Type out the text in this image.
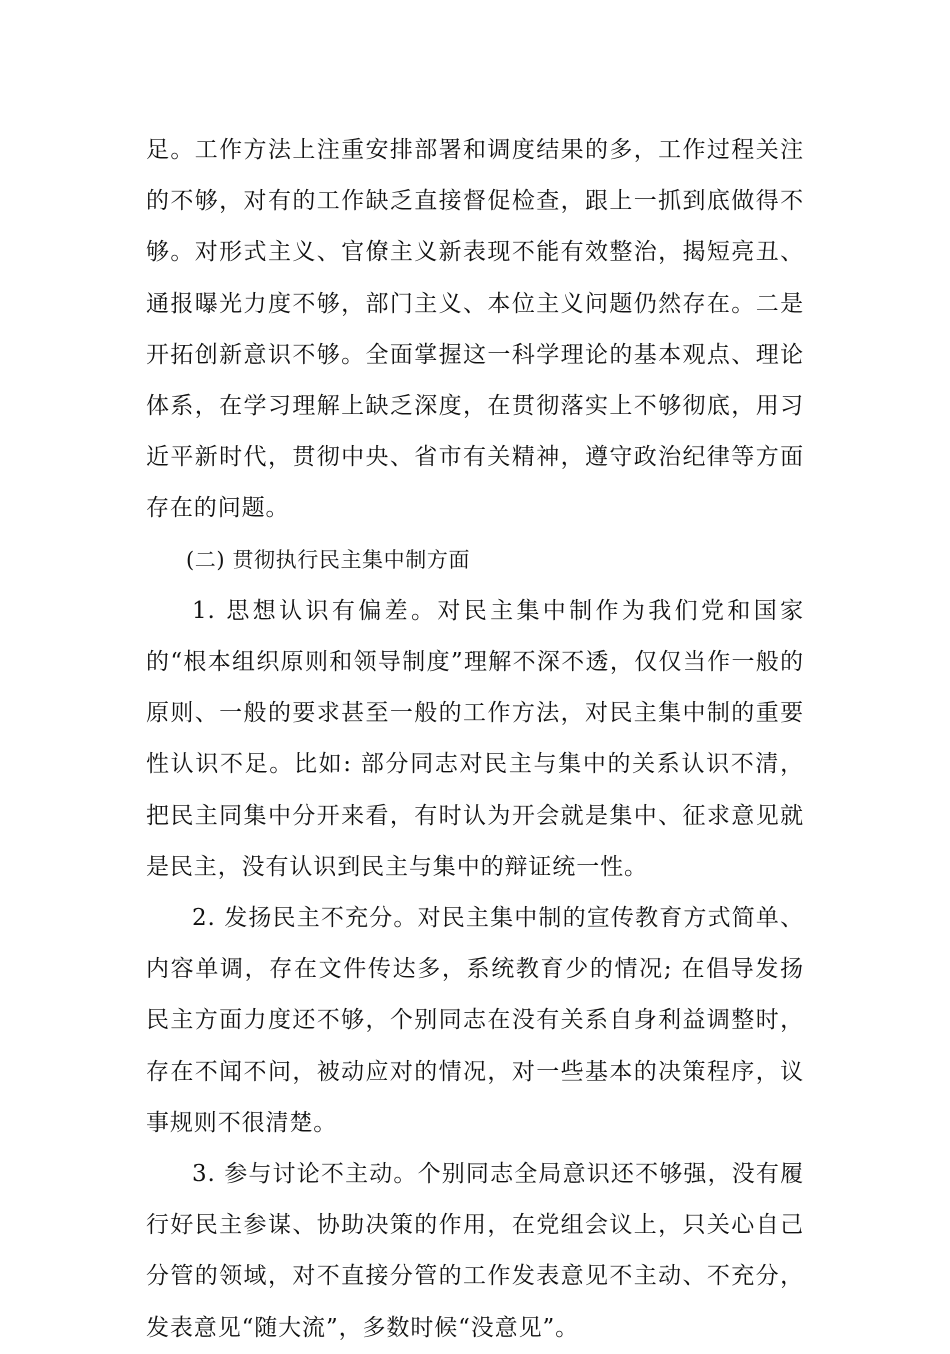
足。工作方法上注重安排部署和调度结果的多，工作过程关注的不够，对有的工作缺乏直接督促检查，跟上一抓到底做得不够。对形式主义、官僚主义新表现不能有效整治，揭短亮丑、通报曝光力度不够，部门主义、本位主义问题仍然存在。二是开拓创新意识不够。全面掌握这一科学理论的基本观点、理论体系，在学习理解上缺乏深度，在贯彻落实上不够彻底，用习近平新时代，贯彻中央、省市有关精神，遵守政治纪律等方面存在的问题。

(二) 贯彻执行民主集中制方面

1. 思想认识有偏差。对民主集中制作为我们党和国家的“根本组织原则和领导制度”理解不深不透，仅仅当作一般的原则、一般的要求甚至一般的工作方法，对民主集中制的重要性认识不足。比如: 部分同志对民主与集中的关系认识不清，把民主同集中分开来看，有时认为开会就是集中、征求意见就是民主，没有认识到民主与集中的辩证统一性。

2. 发扬民主不充分。对民主集中制的宣传教育方式简单、内容单调，存在文件传达多，系统教育少的情况; 在倡导发扬民主方面力度还不够，个别同志在没有关系自身利益调整时，存在不闻不问，被动应对的情况，对一些基本的决策程序，议事规则不很清楚。

3. 参与讨论不主动。个别同志全局意识还不够强，没有履行好民主参谋、协助决策的作用，在党组会议上，只关心自己分管的领域，对不直接分管的工作发表意见不主动、不充分，发表意见“随大流”，多数时候“没意见”。
